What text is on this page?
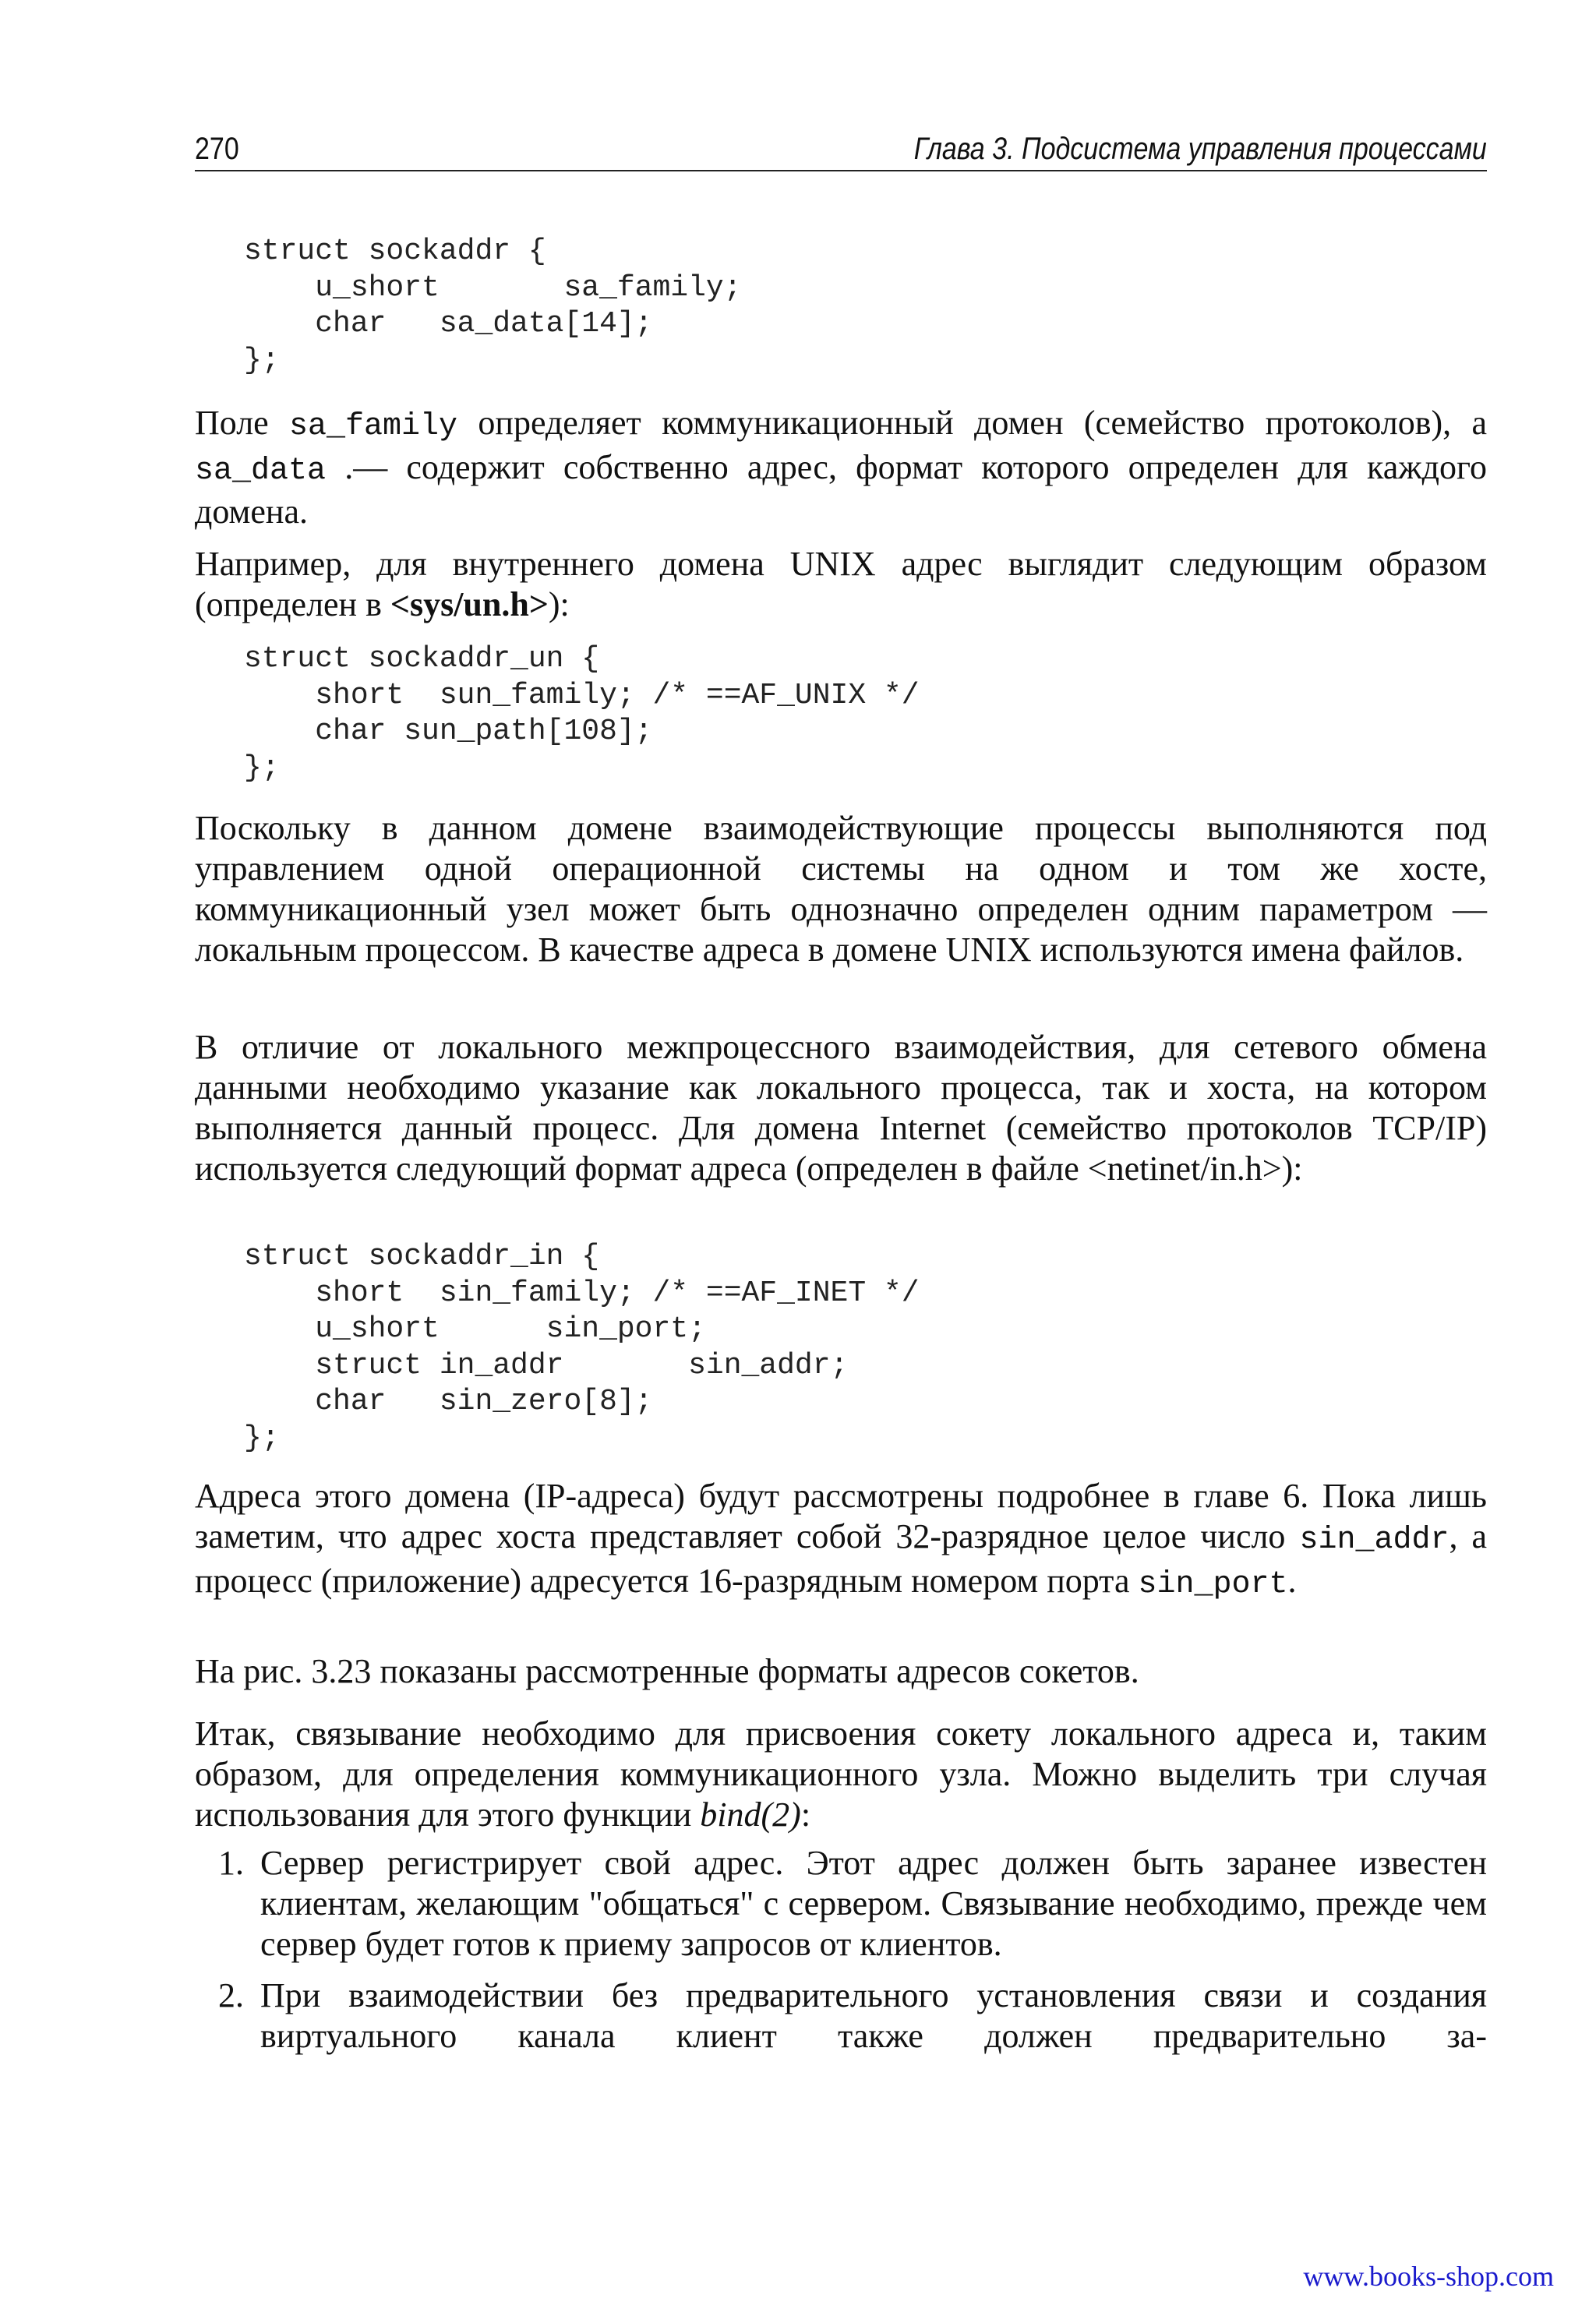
270	Глава 3. Подсистема управления процессами
struct sockaddr {
u_short       sa_family;
char   sa_data[14];
};

Поле sa_family определяет коммуникационный домен (семейство протоколов), а sa_data .— содержит собственно адрес, формат которого определен для каждого домена.

Например, для внутреннего домена UNIX адрес выглядит следующим образом (определен в <sys/un.h>):

struct sockaddr_un {
short  sun_family; /* ==AF_UNIX */
char sun_path[108];
};

Поскольку в данном домене взаимодействующие процессы выполняются под управлением одной операционной системы на одном и том же хосте, коммуникационный узел может быть однозначно определен одним параметром — локальным процессом. В качестве адреса в домене UNIX используются имена файлов.

В отличие от локального межпроцессного взаимодействия, для сетевого обмена данными необходимо указание как локального процесса, так и хоста, на котором выполняется данный процесс. Для домена Internet (семейство протоколов TCP/IP) используется следующий формат адреса (определен в файле <netinet/in.h>):

struct sockaddr_in {
short  sin_family; /* ==AF_INET */
u_short      sin_port;
struct in_addr       sin_addr;
char   sin_zero[8];
};

Адреса этого домена (IP-адреса) будут рассмотрены подробнее в главе 6. Пока лишь заметим, что адрес хоста представляет собой 32-разрядное целое число sin_addr, а процесс (приложение) адресуется 16-разрядным номером порта sin_port.

На рис. 3.23 показаны рассмотренные форматы адресов сокетов.

Итак, связывание необходимо для присвоения сокету локального адреса и, таким образом, для определения коммуникационного узла. Можно выделить три случая использования для этого функции bind(2):

1. Сервер регистрирует свой адрес. Этот адрес должен быть заранее известен клиентам, желающим "общаться" с сервером. Связывание необходимо, прежде чем сервер будет готов к приему запросов от клиентов.

2. При взаимодействии без предварительного установления связи и создания виртуального канала клиент также должен предварительно за-

www.books-shop.com
